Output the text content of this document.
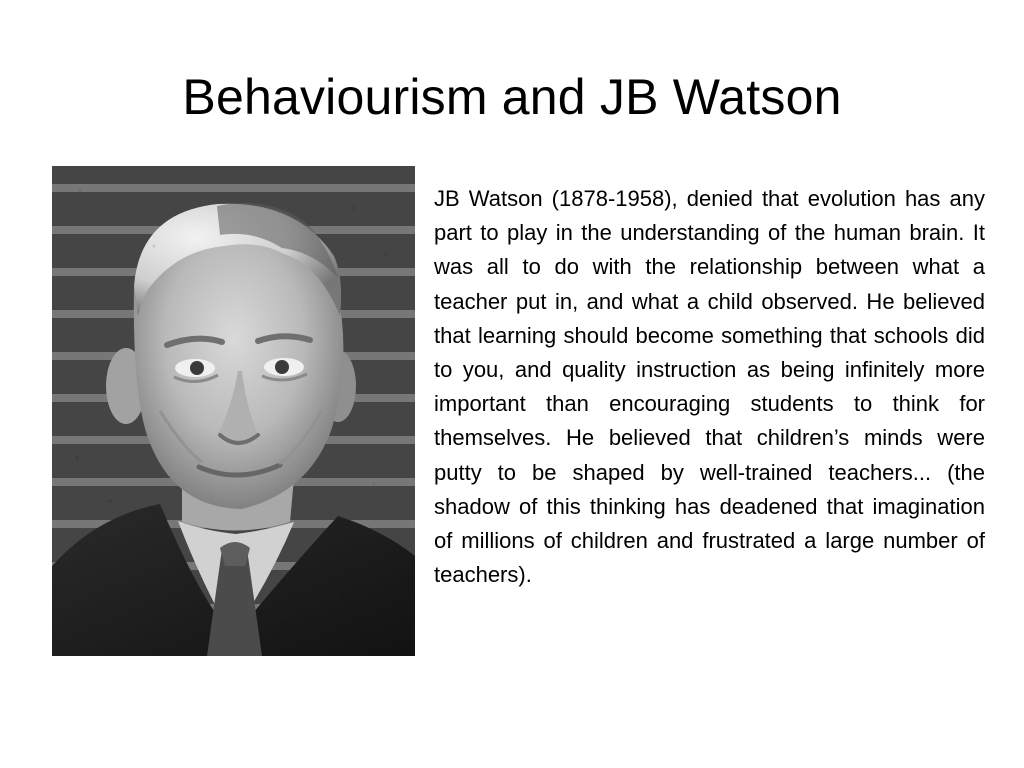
Behaviourism and JB Watson

JB Watson (1878-1958), denied that evolution has any part to play in the understanding of the human brain. It was all to do with the relationship between what a teacher put in, and what a child observed. He believed that learning should become something that schools did to you, and quality instruction as being infinitely more important than encouraging students to think for themselves. He believed that children’s minds were putty to be shaped by well-trained teachers... (the shadow of this thinking has deadened that imagination of millions of children and frustrated a large number of teachers).
